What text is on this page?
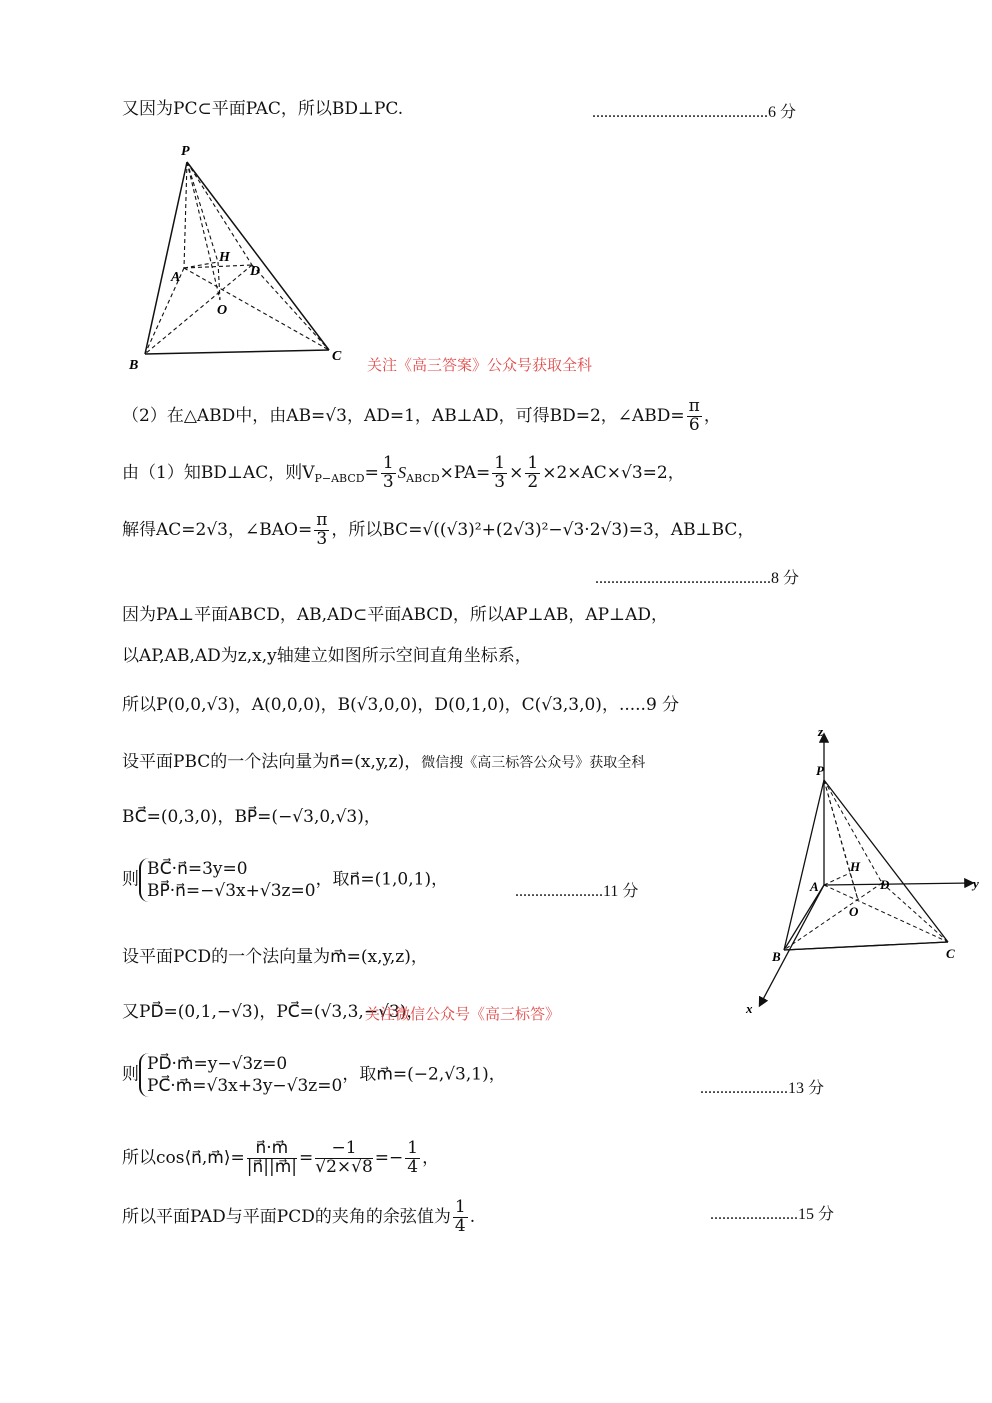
又因为PC⊂平面PAC，所以BD⊥PC.	............................................6 分
P
A
H
D
O
B
C 关注《高三答案》公众号获取全科
（2）在△ABD中，由AB=√3，AD=1，AB⊥AD，可得BD=2，∠ABD= $\frac{\pi}{6}$ ，
由（1）知BD⊥AC，则$V_{P-ABCD}= \frac{1}{3} S_{ABCD}\times PA= \frac{1}{3} \times \frac{1}{2} \times 2\times AC\times√3=2$，
解得AC=2√3，∠BAO= $\frac{\pi}{3}$ ，所以BC=√((√3)²+(2√3)²−√3·2√3)=3，AB⊥BC，
............................................8 分
因为PA⊥平面ABCD，AB,AD⊂平面ABCD，所以AP⊥AB，AP⊥AD，
以AP,AB,AD为z,x,y轴建立如图所示空间直角坐标系，
所以P(0,0,√3)，A(0,0,0)，B(√3,0,0)，D(0,1,0)，C(√3,3,0)，.....9 分
设平面PBC的一个法向量为n⃗=(x,y,z)，微信搜《高三标答公众号》获取全科
BC⃗=(0,3,0)，BP⃗=(−√3,0,√3)，
则
BC⃗·n⃗=3y=0
BP⃗·n⃗=−√3x+√3z=0
，取n⃗=(1,0,1)，
......................11 分
设平面PCD的一个法向量为m⃗=(x,y,z)，
又PD⃗=(0,1,−√3)，PC⃗=(√3,3,−√3)，
关注微信公众号《高三标答》
则
PD⃗·m⃗=y−√3z=0
PC⃗·m⃗=√3x+3y−√3z=0
，取m⃗=(−2,√3,1)，
......................13 分
所以cos⟨n⃗,m⃗⟩= $\frac{n⃗\cdot m⃗}{|n⃗||m⃗|} = \frac{-1}{√2\times√8} =- \frac{1}{4}$ ，
所以平面PAD与平面PCD的夹角的余弦值为 $\frac{1}{4}$ .	......................15 分
z
P
H
A	D	y
O
B	C
x
